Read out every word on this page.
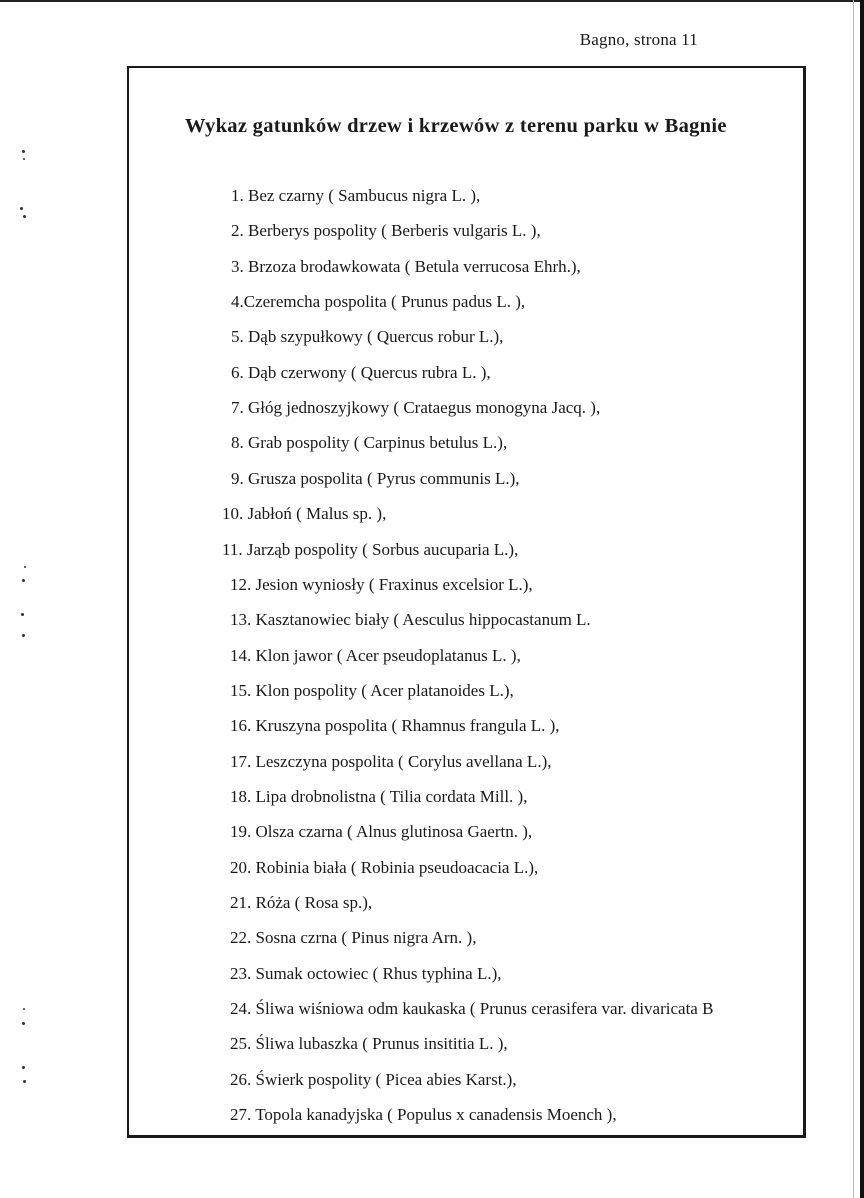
Bagno, strona 11
Wykaz gatunków drzew i krzewów z terenu parku w Bagnie
1. Bez czarny ( Sambucus nigra L. ),
2. Berberys pospolity ( Berberis vulgaris L. ),
3. Brzoza brodawkowata ( Betula verrucosa Ehrh.),
4.Czeremcha pospolita ( Prunus padus L. ),
5. Dąb szypułkowy ( Quercus robur L.),
6. Dąb czerwony ( Quercus rubra L. ),
7. Głóg jednoszyjkowy ( Crataegus monogyna Jacq. ),
8. Grab pospolity ( Carpinus betulus L.),
9. Grusza pospolita ( Pyrus communis L.),
10. Jabłoń ( Malus sp. ),
11. Jarząb pospolity ( Sorbus aucuparia L.),
12. Jesion wyniosły ( Fraxinus excelsior L.),
13. Kasztanowiec biały ( Aesculus hippocastanum L.
14. Klon jawor ( Acer pseudoplatanus L. ),
15. Klon pospolity ( Acer platanoides L.),
16. Kruszyna pospolita ( Rhamnus frangula L. ),
17. Leszczyna pospolita ( Corylus avellana L.),
18. Lipa drobnolistna ( Tilia cordata Mill. ),
19. Olsza czarna ( Alnus glutinosa Gaertn. ),
20. Robinia biała ( Robinia pseudoacacia L.),
21. Róża ( Rosa sp.),
22. Sosna czrna ( Pinus nigra Arn. ),
23. Sumak octowiec ( Rhus typhina L.),
24. Śliwa wiśniowa odm kaukaska ( Prunus cerasifera var. divaricata B
25. Śliwa lubaszka ( Prunus insititia L. ),
26. Świerk pospolity ( Picea abies Karst.),
27. Topola kanadyjska ( Populus x canadensis Moench ),
